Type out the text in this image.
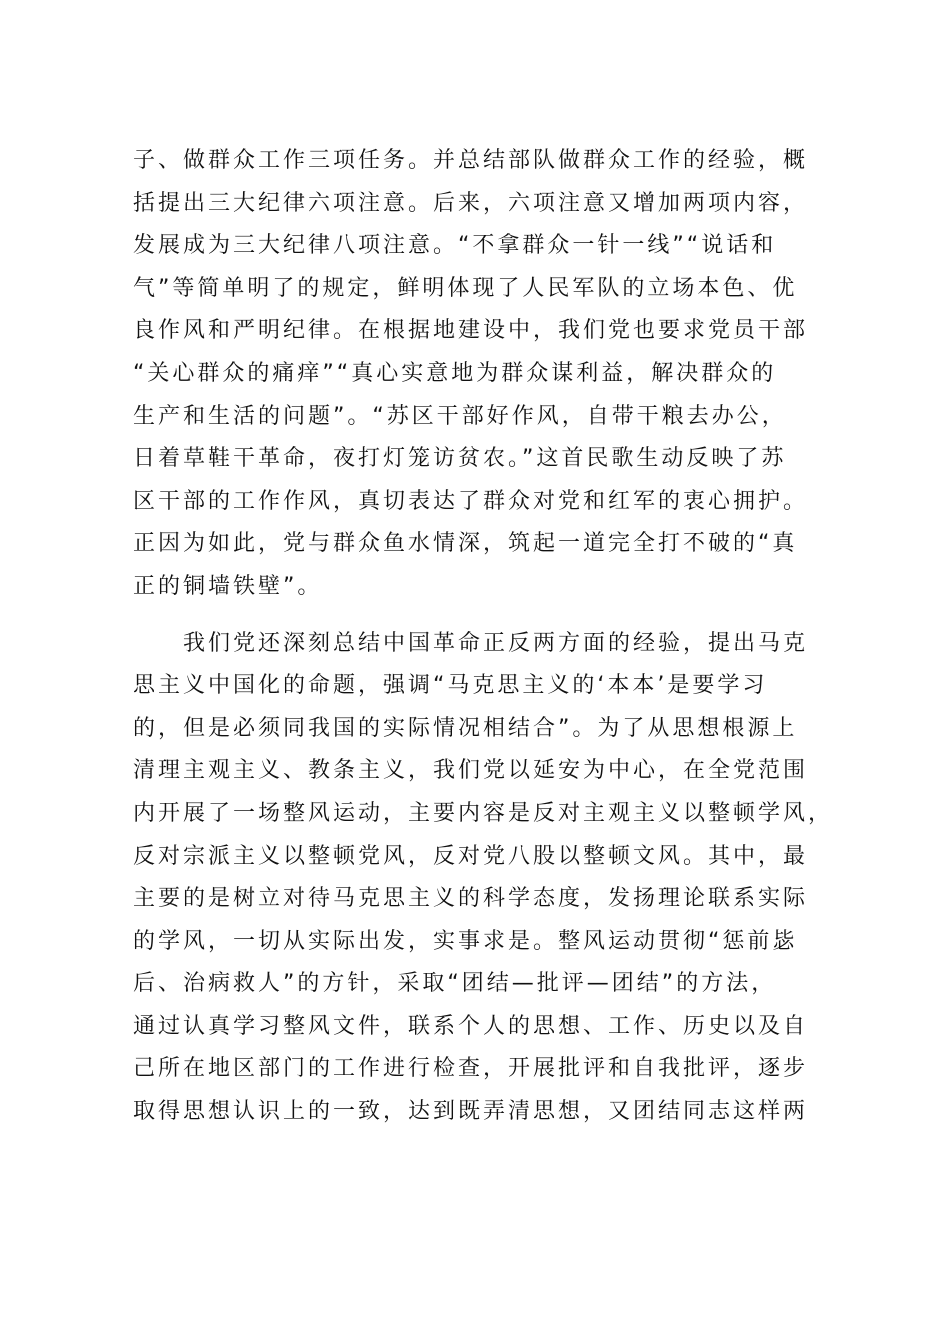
子、做群众工作三项任务。并总结部队做群众工作的经验，概
括提出三大纪律六项注意。后来，六项注意又增加两项内容，
发展成为三大纪律八项注意。“不拿群众一针一线”“说话和
气”等简单明了的规定，鲜明体现了人民军队的立场本色、优
良作风和严明纪律。在根据地建设中，我们党也要求党员干部
“关心群众的痛痒”“真心实意地为群众谋利益，解决群众的
生产和生活的问题”。“苏区干部好作风，自带干粮去办公，
日着草鞋干革命，夜打灯笼访贫农。”这首民歌生动反映了苏
区干部的工作作风，真切表达了群众对党和红军的衷心拥护。
正因为如此，党与群众鱼水情深，筑起一道完全打不破的“真
正的铜墙铁壁”。
我们党还深刻总结中国革命正反两方面的经验，提出马克
思主义中国化的命题，强调“马克思主义的‘本本’是要学习
的，但是必须同我国的实际情况相结合”。为了从思想根源上
清理主观主义、教条主义，我们党以延安为中心，在全党范围
内开展了一场整风运动，主要内容是反对主观主义以整顿学风，
反对宗派主义以整顿党风，反对党八股以整顿文风。其中，最
主要的是树立对待马克思主义的科学态度，发扬理论联系实际
的学风，一切从实际出发，实事求是。整风运动贯彻“惩前毖
后、治病救人”的方针，采取“团结—批评—团结”的方法，
通过认真学习整风文件，联系个人的思想、工作、历史以及自
己所在地区部门的工作进行检查，开展批评和自我批评，逐步
取得思想认识上的一致，达到既弄清思想，又团结同志这样两
